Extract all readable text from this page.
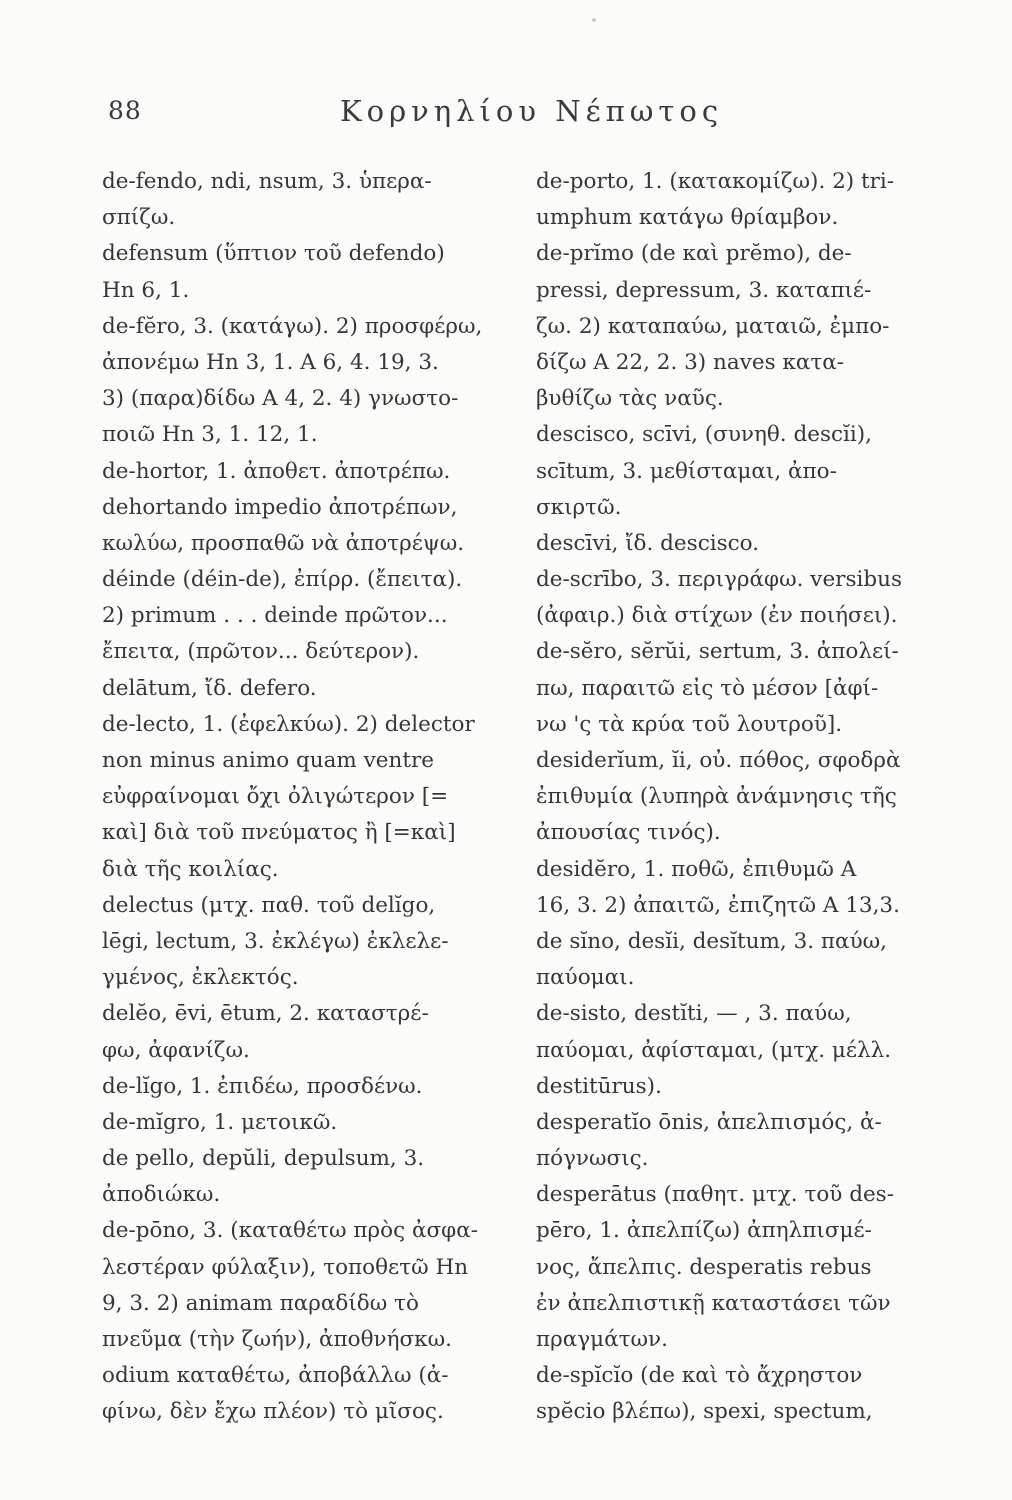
88	Κορνηλίου Νέπωτος
de-fendo, ndi, nsum, 3. ὑπερα-
σπίζω.
defensum (ὕπτιον τοῦ defendo)
Hn 6, 1.
de-fĕro, 3. (κατάγω). 2) προσφέρω,
ἀπονέμω Hn 3, 1. A 6, 4. 19, 3.
3) (παρα)δίδω A 4, 2. 4) γνωστο-
ποιῶ Hn 3, 1. 12, 1.
de-hortor, 1. ἀποθετ. ἀποτρέπω.
dehortando impedio ἀποτρέπων,
κωλύω, προσπαθῶ νὰ ἀποτρέψω.
déinde (déin-de), ἐπίρρ. (ἔπειτα).
2) primum . . . deinde πρῶτον...
ἔπειτα, (πρῶτον... δεύτερον).
delātum, ἴδ. defero.
de-lecto, 1. (ἐφελκύω). 2) delector
non minus animo quam ventre
εὐφραίνομαι ὄχι ὀλιγώτερον [=
καὶ] διὰ τοῦ πνεύματος ἢ [=καὶ]
διὰ τῆς κοιλίας.
delectus (μτχ. παθ. τοῦ delĭgo,
lēgi, lectum, 3. ἐκλέγω) ἐκλελε-
γμένος, ἐκλεκτός.
delĕo, ēvi, ētum, 2. καταστρέ-
φω, ἀφανίζω.
de-lĭgo, 1. ἐπιδέω, προσδένω.
de-mĭgro, 1. μετοικῶ.
de pello, depŭli, depulsum, 3.
ἀποδιώκω.
de-pōno, 3. (καταθέτω πρὸς ἀσφα-
λεστέραν φύλαξιν), τοποθετῶ Hn
9, 3. 2) animam παραδίδω τὸ
πνεῦμα (τὴν ζωήν), ἀποθνήσκω.
odium καταθέτω, ἀποβάλλω (ἀ-
φίνω, δὲν ἔχω πλέον) τὸ μῖσος.
de-porto, 1. (κατακομίζω). 2) tri-
umphum κατάγω θρίαμβον.
de-prĭmo (de καὶ prĕmo), de-
pressi, depressum, 3. καταπιέ-
ζω. 2) καταπαύω, ματαιῶ, ἐμπο-
δίζω A 22, 2. 3) naves κατα-
βυθίζω τὰς ναῦς.
descisco, scīvi, (συνηθ. descĭi),
scītum, 3. μεθίσταμαι, ἀπο-
σκιρτῶ.
descīvi, ἴδ. descisco.
de-scrībo, 3. περιγράφω. versibus
(ἀφαιρ.) διὰ στίχων (ἐν ποιήσει).
de-sĕro, sĕrŭi, sertum, 3. ἀπολεί-
πω, παραιτῶ εἰς τὸ μέσον [ἀφί-
νω 'ς τὰ κρύα τοῦ λουτροῦ].
desiderĭum, ĭi, οὐ. πόθος, σφοδρὰ
ἐπιθυμία (λυπηρὰ ἀνάμνησις τῆς
ἀπουσίας τινός).
desidĕro, 1. ποθῶ, ἐπιθυμῶ A
16, 3. 2) ἀπαιτῶ, ἐπιζητῶ A 13,3.
de sĭno, desĭi, desĭtum, 3. παύω,
παύομαι.
de-sisto, destĭti, — , 3. παύω,
παύομαι, ἀφίσταμαι, (μτχ. μέλλ.
destitūrus).
desperatĭo ōnis, ἀπελπισμός, ἀ-
πόγνωσις.
desperātus (παθητ. μτχ. τοῦ des-
pēro, 1. ἀπελπίζω) ἀπηλπισμέ-
νος, ἄπελπις. desperatis rebus
ἐν ἀπελπιστικῇ καταστάσει τῶν
πραγμάτων.
de-spĭcĭo (de καὶ τὸ ἄχρηστον
spĕcio βλέπω), spexi, spectum,
